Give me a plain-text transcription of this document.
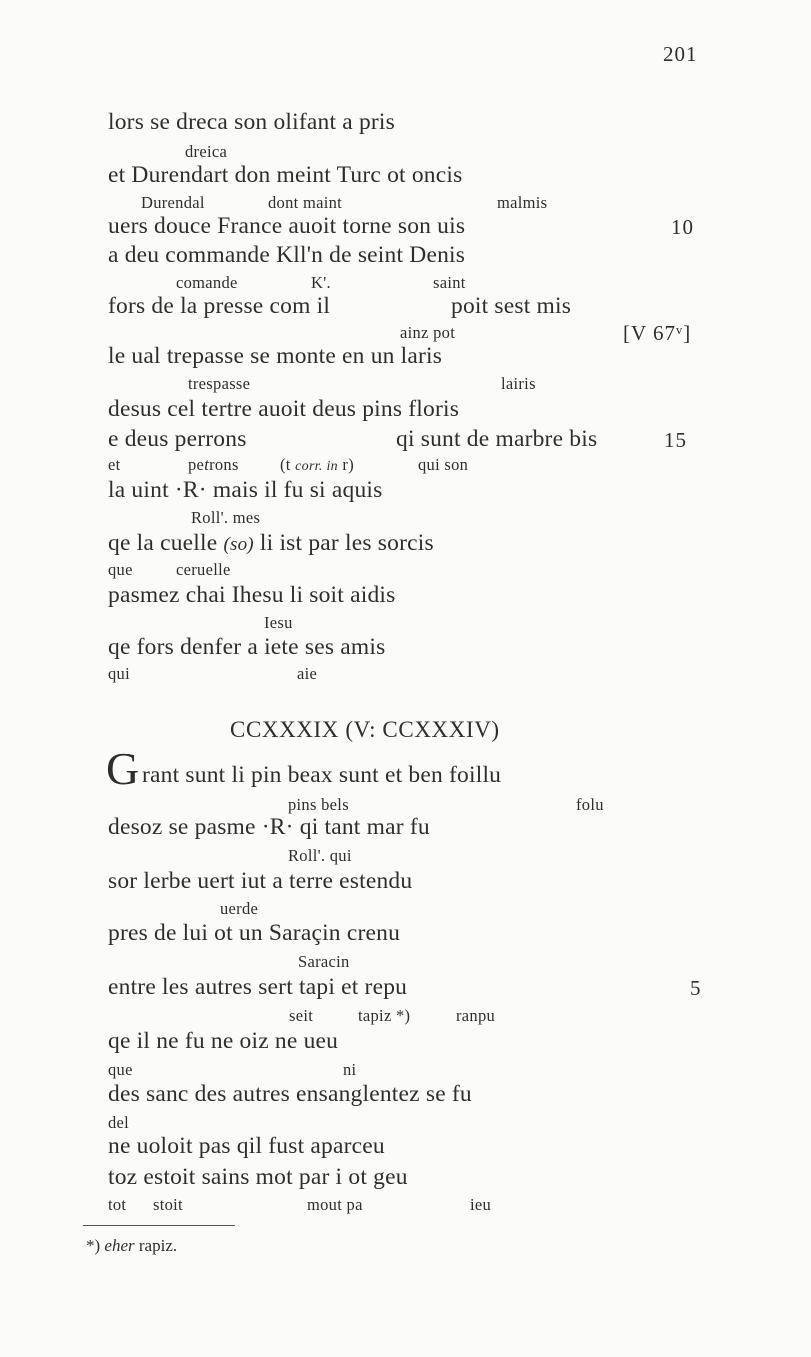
201
lors se dreca son olifant a pris
dreica
et Durendart don meint Turc ot oncis
Durendal	dont maint	malmis
uers douce France auoit torne son uis	10
a deu commande Kll'n de seint Denis
comande	K'.	saint
fors de la presse com il	poit sest mis
ainz pot	[V 67ᵛ]
le ual trepasse se monte en un laris
trespasse	lairis
desus cel tertre auoit deus pins floris
e deus perrons	qi sunt de marbre bis	15
et	petrons	(t corr. in r)	qui son
la uint ·R· mais il fu si aquis
Roll'. mes
qe la cuelle (so) li ist par les sorcis
que	ceruelle
pasmez chai Ihesu li soit aidis
Iesu
qe fors denfer a iete ses amis
qui	aie
CCXXXIX (V: CCXXXIV)
G rant sunt li pin beax sunt et ben foillu
pins bels	folu
desoz se pasme ·R· qi tant mar fu
Roll'. qui
sor lerbe uert iut a terre estendu
uerde
pres de lui ot un Saraçin crenu
Saracin
entre les autres sert tapi et repu	5
seit	tapiz *)	ranpu
qe il ne fu ne oiz ne ueu
que	ni
des sanc des autres ensanglentez se fu
del
ne uoloit pas qil fust aparceu
toz estoit sains mot par i ot geu
tot stoit	mout pa	ieu
*) eher rapiz.
